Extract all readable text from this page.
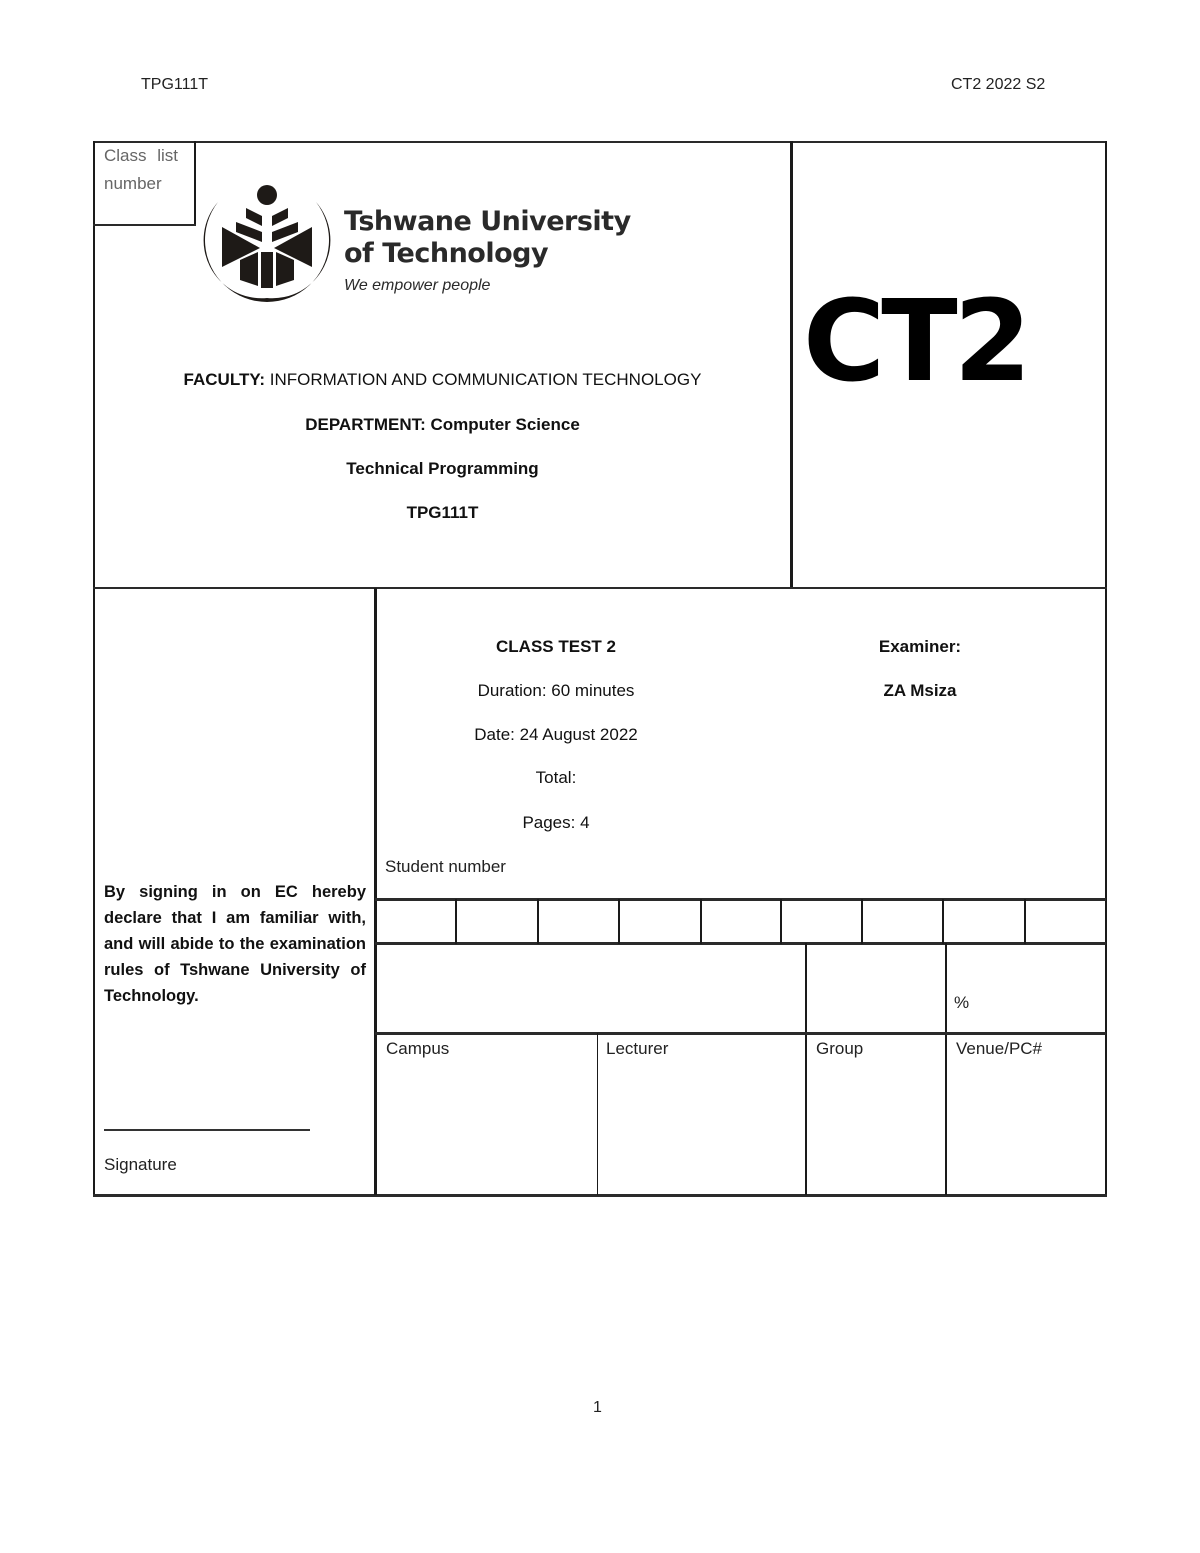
TPG111T	CT2 2022 S2
Class list
number
Tshwane University
of Technology
We empower people
FACULTY: INFORMATION AND COMMUNICATION TECHNOLOGY
DEPARTMENT: Computer Science
Technical Programming
TPG111T
CT2
CLASS TEST 2
Duration: 60 minutes
Date: 24 August 2022
Total:
Pages: 4
Examiner:
ZA Msiza
Student number
%
Campus	Lecturer	Group	Venue/PC#
By signing in on EC hereby declare that I am familiar with, and will abide to the examination rules of Tshwane University of Technology.
Signature
1
